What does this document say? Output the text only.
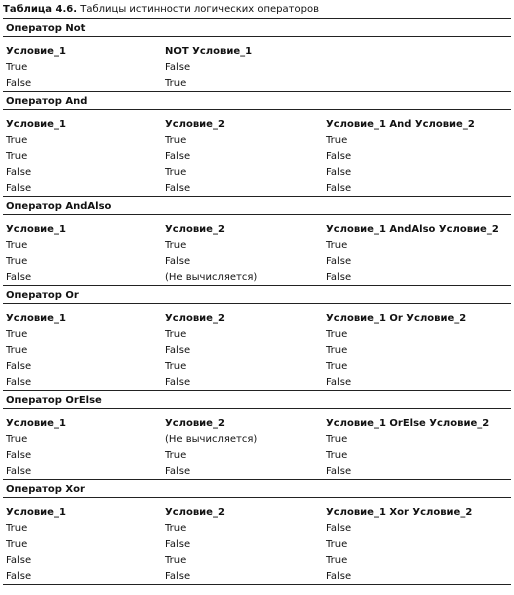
Таблица 4.6. Таблицы истинности логических операторов
Оператор Not		
Условие_1	NOT Условие_1	
True	False	
False	True	
Оператор And		
Условие_1	Условие_2	Условие_1 And Условие_2
True	True	True
True	False	False
False	True	False
False	False	False
Оператор AndAlso		
Условие_1	Условие_2	Условие_1 AndAlso Условие_2
True	True	True
True	False	False
False	(Не вычисляется)	False
Оператор Or		
Условие_1	Условие_2	Условие_1 Or Условие_2
True	True	True
True	False	True
False	True	True
False	False	False
Оператор OrElse		
Условие_1	Условие_2	Условие_1 OrElse Условие_2
True	(Не вычисляется)	True
False	True	True
False	False	False
Оператор Xor		
Условие_1	Условие_2	Условие_1 Xor Условие_2
True	True	False
True	False	True
False	True	True
False	False	False
